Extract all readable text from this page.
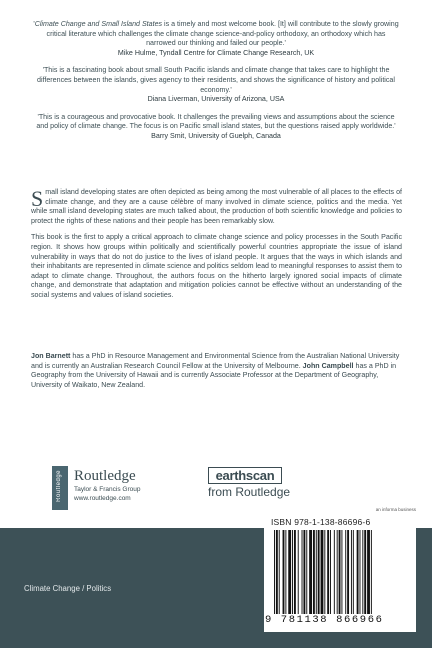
'Climate Change and Small Island States is a timely and most welcome book. [It] will contribute to the slowly growing critical literature which challenges the climate change science-and-policy orthodoxy, an orthodoxy which has narrowed our thinking and failed our people.'
Mike Hulme, Tyndall Centre for Climate Change Research, UK
'This is a fascinating book about small South Pacific islands and climate change that takes care to highlight the differences between the islands, gives agency to their residents, and shows the significance of history and political economy.'
Diana Liverman, University of Arizona, USA
'This is a courageous and provocative book. It challenges the prevailing views and assumptions about the science and policy of climate change. The focus is on Pacific small island states, but the questions raised apply worldwide.'
Barry Smit, University of Guelph, Canada

Small island developing states are often depicted as being among the most vulnerable of all places to the effects of climate change, and they are a cause célèbre of many involved in climate science, politics and the media. Yet while small island developing states are much talked about, the production of both scientific knowledge and policies to protect the rights of these nations and their people has been remarkably slow.

This book is the first to apply a critical approach to climate change science and policy processes in the South Pacific region. It shows how groups within politically and scientifically powerful countries appropriate the issue of island vulnerability in ways that do not do justice to the lives of island people. It argues that the ways in which islands and their inhabitants are represented in climate science and politics seldom lead to meaningful responses to assist them to adapt to climate change. Throughout, the authors focus on the hitherto largely ignored social impacts of climate change, and demonstrate that adaptation and mitigation policies cannot be effective without an understanding of the social systems and values of island societies.

Jon Barnett has a PhD in Resource Management and Environmental Science from the Australian National University and is currently an Australian Research Council Fellow at the University of Melbourne. John Campbell has a PhD in Geography from the University of Hawaii and is currently Associate Professor at the Department of Geography, University of Waikato, New Zealand.
Routledge Routledge
Taylor & Francis Group
www.routledge.com
earthscan
from Routledge
Climate Change / Politics
an informa business
ISBN 978-1-138-86696-6
9 781138 866966
